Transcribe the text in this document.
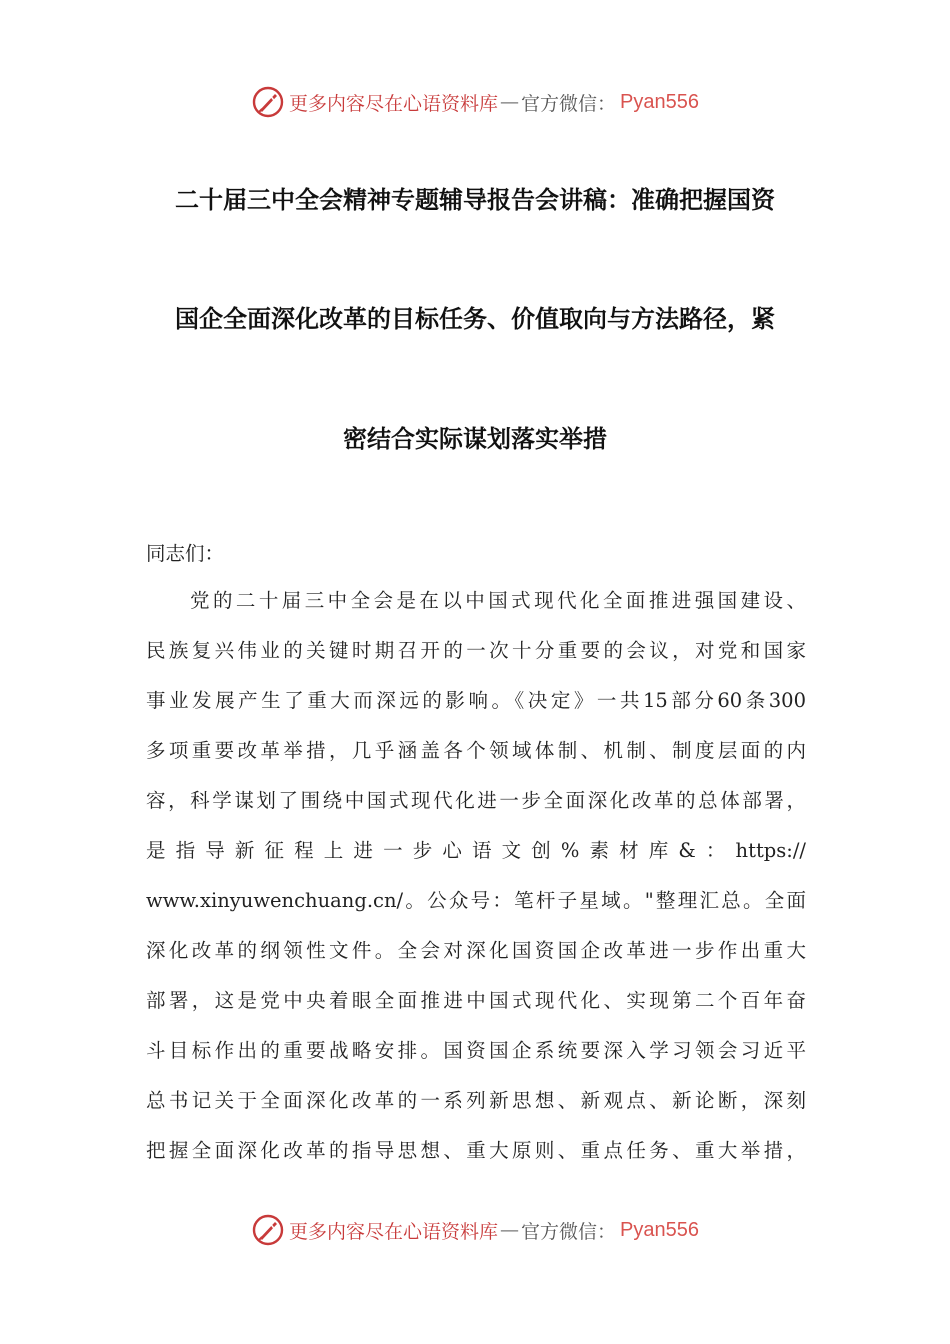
更多内容尽在心语资料库 — 官方微信： Pyan556
二十届三中全会精神专题辅导报告会讲稿：准确把握国资
国企全面深化改革的目标任务、价值取向与方法路径，紧
密结合实际谋划落实举措
同志们：
党的二十届三中全会是在以中国式现代化全面推进强国建设、
民族复兴伟业的关键时期召开的一次十分重要的会议，对党和国家
事业发展产生了重大而深远的影响。《决定》一共15部分60条300
多项重要改革举措，几乎涵盖各个领域体制、机制、制度层面的内
容，科学谋划了围绕中国式现代化进一步全面深化改革的总体部署，
是指导新征程上进一步心语文创%素材库&：https://
www.xinyuwenchuang.cn/。公众号：笔杆子星域。"整理汇总。全面
深化改革的纲领性文件。全会对深化国资国企改革进一步作出重大
部署，这是党中央着眼全面推进中国式现代化、实现第二个百年奋
斗目标作出的重要战略安排。国资国企系统要深入学习领会习近平
总书记关于全面深化改革的一系列新思想、新观点、新论断，深刻
把握全面深化改革的指导思想、重大原则、重点任务、重大举措，
更多内容尽在心语资料库 — 官方微信： Pyan556
